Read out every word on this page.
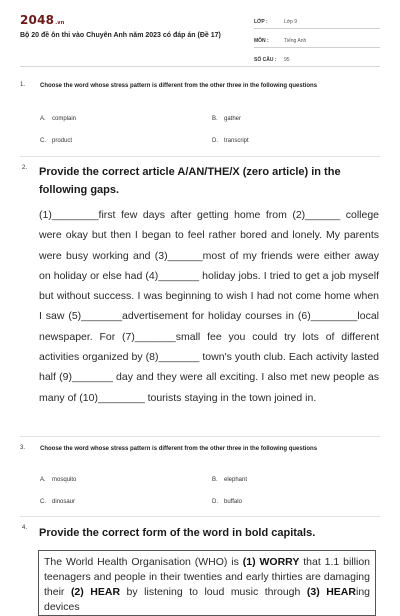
2048.vn
Bộ 20 đề ôn thi vào Chuyên Anh năm 2023 có đáp án (Đề 17)
LỚP :	Lớp 9
MÔN :	Tiếng Anh
SỐ CÂU :	95
1. Choose the word whose stress pattern is different from the other three in the following questions
A. complain	B. gather
C. product	D. transcript
2. Provide the correct article A/AN/THE/X (zero article) in the following gaps.

(1)________first few days after getting home from (2)______ college were okay but then I began to feel rather bored and lonely. My parents were busy working and (3)______most of my friends were either away on holiday or else had (4)_______ holiday jobs. I tried to get a job myself but without success. I was beginning to wish I had not come home when I saw (5)_______advertisement for holiday courses in (6)________local newspaper. For (7)_______small fee you could try lots of different activities organized by (8)_______ town's youth club. Each activity lasted half (9)_______ day and they were all exciting. I also met new people as many of (10)________ tourists staying in the town joined in.

3. Choose the word whose stress pattern is different from the other three in the following questions
A. mosquito	B. elephant
C. dinosaur	D. buffalo
4. Provide the correct form of the word in bold capitals.
The World Health Organisation (WHO) is (1) WORRY that 1.1 billion teenagers and people in their twenties and early thirties are damaging their (2) HEAR by listening to loud music through (3) HEARing devices
